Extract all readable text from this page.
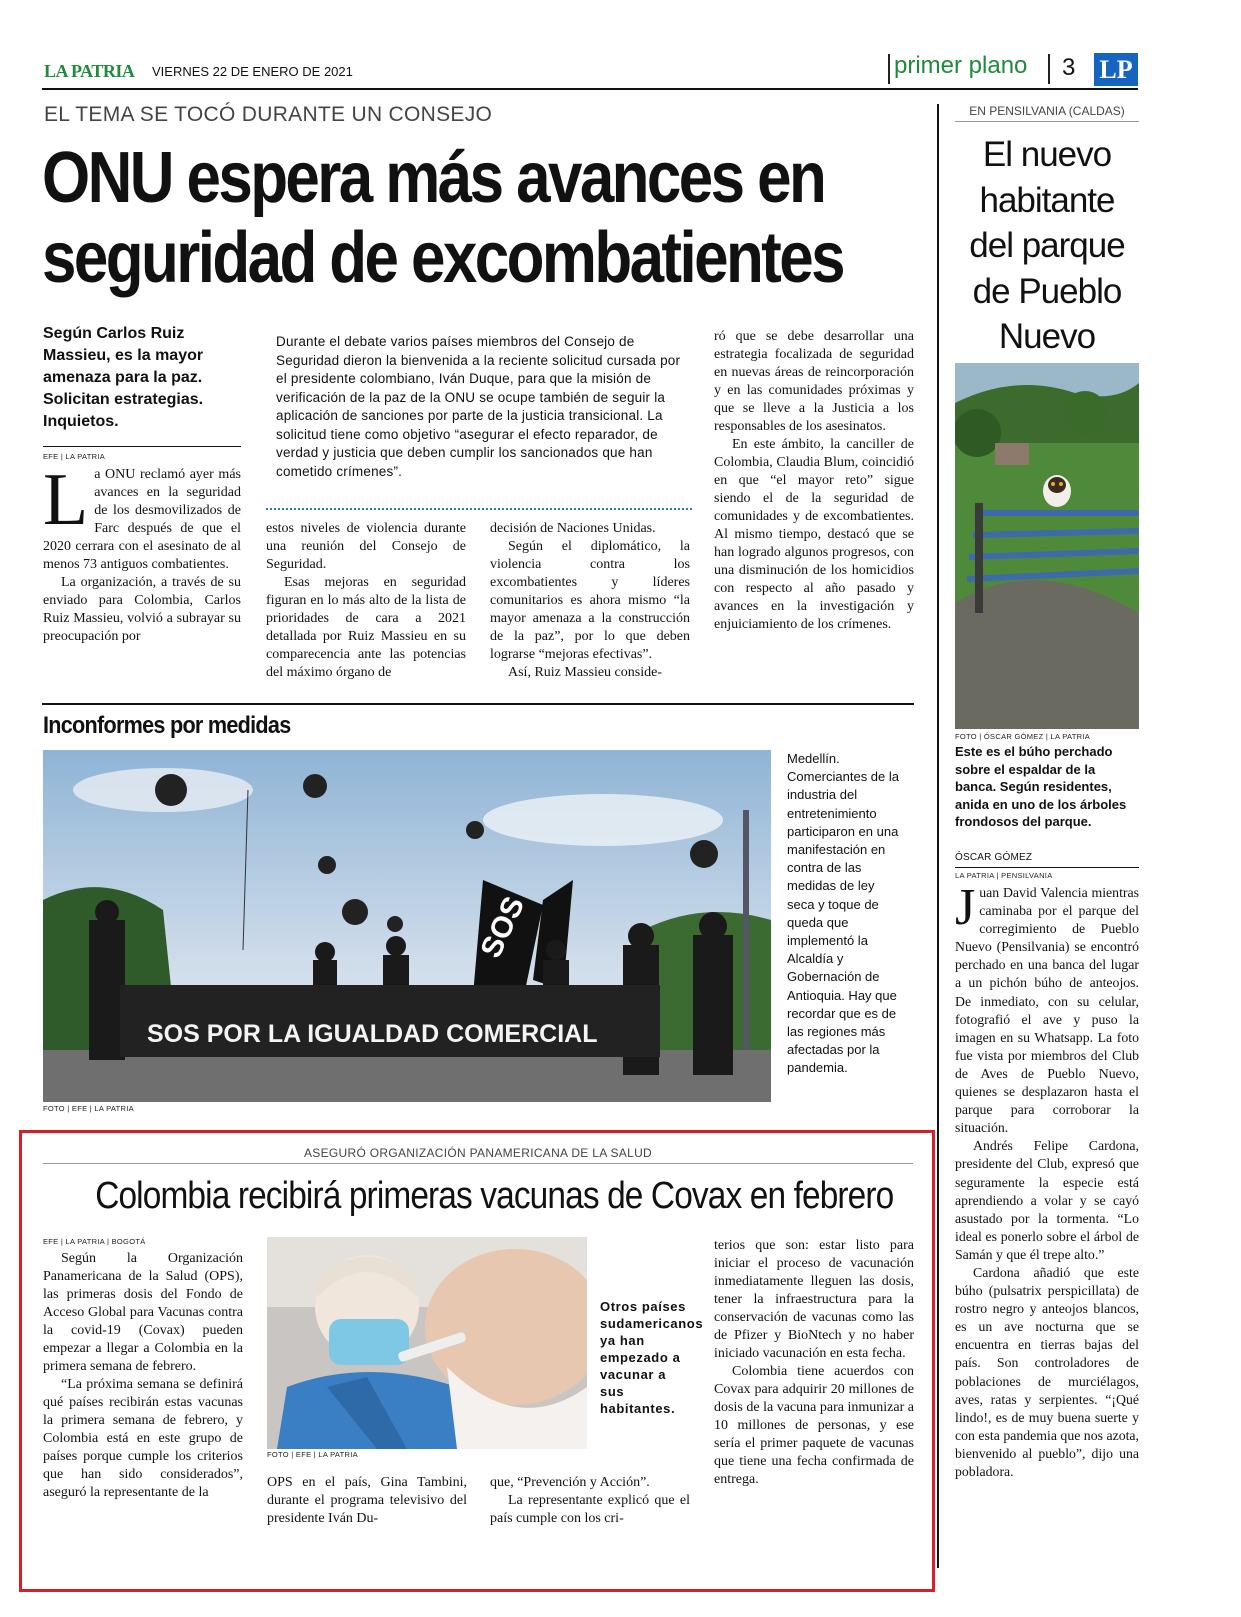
LA PATRIA VIERNES 22 DE ENERO DE 2021	primer plano 3 LP
EL TEMA SE TOCÓ DURANTE UN CONSEJO
ONU espera más avances en
seguridad de excombatientes
Según Carlos Ruiz Massieu, es la mayor amenaza para la paz. Solicitan estrategias. Inquietos.
EFE | LA PATRIA
Durante el debate varios países miembros del Consejo de Seguridad dieron la bienvenida a la reciente solicitud cursada por el presidente colombiano, Iván Duque, para que la misión de verificación de la paz de la ONU se ocupe también de seguir la aplicación de sanciones por parte de la justicia transicional. La solicitud tiene como objetivo “asegurar el efecto reparador, de verdad y justicia que deben cumplir los sancionados que han cometido crímenes”.
L a ONU reclamó ayer más avances en la seguridad de los desmovilizados de Farc después de que el 2020 cerrara con el asesinato de al menos 73 antiguos combatientes.

La organización, a través de su enviado para Colombia, Carlos Ruiz Massieu, volvió a subrayar su preocupación por

estos niveles de violencia durante una reunión del Consejo de Seguridad.

Esas mejoras en seguridad figuran en lo más alto de la lista de prioridades de cara a 2021 detallada por Ruiz Massieu en su comparecencia ante las potencias del máximo órgano de

decisión de Naciones Unidas.

Según el diplomático, la violencia contra los excombatientes y líderes comunitarios es ahora mismo “la mayor amenaza a la construcción de la paz”, por lo que deben lograrse “mejoras efectivas”.

Así, Ruiz Massieu conside-

ró que se debe desarrollar una estrategia focalizada de seguridad en nuevas áreas de reincorporación y en las comunidades próximas y que se lleve a la Justicia a los responsables de los asesinatos.

En este ámbito, la canciller de Colombia, Claudia Blum, coincidió en que “el mayor reto” sigue siendo el de la seguridad de comunidades y de excombatientes. Al mismo tiempo, destacó que se han logrado algunos progresos, con una disminución de los homicidios con respecto al año pasado y avances en la investigación y enjuiciamiento de los crímenes.

Inconformes por medidas
SOS
SOS POR LA IGUALDAD COMERCIAL
FOTO | EFE | LA PATRIA
Medellín. Comerciantes de la industria del entretenimiento participaron en una manifestación en contra de las medidas de ley seca y toque de queda que implementó la Alcaldía y Gobernación de Antioquia. Hay que recordar que es de las regiones más afectadas por la pandemia.
ASEGURÓ ORGANIZACIÓN PANAMERICANA DE LA SALUD
Colombia recibirá primeras vacunas de Covax en febrero
EFE | LA PATRIA | BOGOTÁ

Según la Organización Panamericana de la Salud (OPS), las primeras dosis del Fondo de Acceso Global para Vacunas contra la covid-19 (Covax) pueden empezar a llegar a Colombia en la primera semana de febrero.

“La próxima semana se definirá qué países recibirán estas vacunas la primera semana de febrero, y Colombia está en este grupo de países porque cumple los criterios que han sido considerados”, aseguró la representante de la

FOTO | EFE | LA PATRIA
Otros países sudamericanos ya han empezado a vacunar a sus habitantes.

OPS en el país, Gina Tambini, durante el programa televisivo del presidente Iván Du-

que, “Prevención y Acción”.

La representante explicó que el país cumple con los cri-

terios que son: estar listo para iniciar el proceso de vacunación inmediatamente lleguen las dosis, tener la infraestructura para la conservación de vacunas como las de Pfizer y BioNtech y no haber iniciado vacunación en esta fecha.

Colombia tiene acuerdos con Covax para adquirir 20 millones de dosis de la vacuna para inmunizar a 10 millones de personas, y ese sería el primer paquete de vacunas que tiene una fecha confirmada de entrega.

EN PENSILVANIA (CALDAS)
El nuevo habitante del parque de Pueblo Nuevo
FOTO | ÓSCAR GÓMEZ | LA PATRIA
Este es el búho perchado sobre el espaldar de la banca. Según residentes, anida en uno de los árboles frondosos del parque.
ÓSCAR GÓMEZ
LA PATRIA | PENSILVANIA
J uan David Valencia mientras caminaba por el parque del corregimiento de Pueblo Nuevo (Pensilvania) se encontró perchado en una banca del lugar a un pichón búho de anteojos. De inmediato, con su celular, fotografió el ave y puso la imagen en su Whatsapp. La foto fue vista por miembros del Club de Aves de Pueblo Nuevo, quienes se desplazaron hasta el parque para corroborar la situación.

Andrés Felipe Cardona, presidente del Club, expresó que seguramente la especie está aprendiendo a volar y se cayó asustado por la tormenta. “Lo ideal es ponerlo sobre el árbol de Samán y que él trepe alto.”

Cardona añadió que este búho (pulsatrix perspicillata) de rostro negro y anteojos blancos, es un ave nocturna que se encuentra en tierras bajas del país. Son controladores de poblaciones de murciélagos, aves, ratas y serpientes. “¡Qué lindo!, es de muy buena suerte y con esta pandemia que nos azota, bienvenido al pueblo”, dijo una pobladora.
